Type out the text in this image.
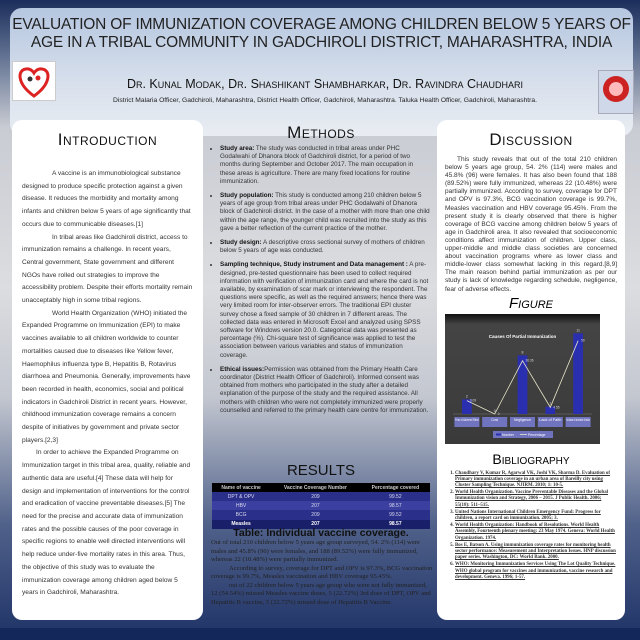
EVALUATION OF IMMUNIZATION COVERAGE AMONG CHILDREN BELOW 5 YEARS OF AGE IN A TRIBAL COMMUNITY IN GADCHIROLI DISTRICT, MAHARASHTRA, INDIA
Dr. Kunal Modak, Dr. Shashikant Shambharkar, Dr. Ravindra Chaudhari
District Malaria Officer, Gadchiroli, Maharashtra, District Health Officer, Gadchiroli, Maharashtra. Taluka Health Officer, Gadchiroli, Maharashtra.
Introduction

A vaccine is an immunobiological substance designed to produce specific protection against a given disease. It reduces the morbidity and mortality among infants and children below 5 years of age significantly that occurs due to communicable diseases.[1]

In tribal areas like Gadchiroli district, access to immunization remains a challenge. In recent years, Central government, State government and different NGOs have rolled out strategies to improve the accessibility problem. Despite their efforts mortality remain unacceptably high in some tribal regions.

World Health Organization (WHO) initiated the Expanded Programme on Immunization (EPI) to make vaccines available to all children worldwide to counter mortalities caused due to diseases like Yellow fever, Haemophilus influenza type B, Hepatitis B, Rotavirus diarrhoea and Pneumonia. Generally, improvements have been recorded in health, economics, social and political indicators in Gadchiroli District in recent years. However, childhood immunization coverage remains a concern despite of initiatives by government and private sector players.[2,3]

In order to achieve the Expanded Programme on Immunization target in this tribal area, quality, reliable and authentic data are useful.[4] These data will help for design and implementation of interventions for the control and eradication of vaccine preventable diseases.[5] The need for the precise and accurate data of immunization rates and the possible causes of the poor coverage in specific regions to enable well directed interventions will help reduce under-five mortality rates in this area. Thus, the objective of this study was to evaluate the immunization coverage among children aged below 5 years in Gadchiroli, Maharashtra.

Methods
• Study area: The study was conducted in tribal areas under PHC Godalwahi of Dhanora block of Gadchiroli district, for a period of two months during September and October 2017. The main occupation in these areas is agriculture. There are many fixed locations for routine immunization.
• Study population: This study is conducted among 210 children below 5 years of age group from tribal areas under PHC Godalwahi of Dhanora block of Gadchiroli district. In the case of a mother with more than one child within the age range, the younger child was recruited into the study as this gave a better reflection of the current practice of the mother.
• Study design: A descriptive cross sectional survey of mothers of children below 5 years of age was conducted.
• Sampling technique, Study instrument and Data management : A pre-designed, pre-tested questionnaire has been used to collect required information with verification of immunization card and where the card is not available, by examination of scar mark or interviewing the respondent. The questions were specific, as well as the required answers; hence there was very limited room for inter-observer errors. The traditional EPI cluster survey chose a fixed sample of 30 children in 7 different areas. The collected data was entered in Microsoft Excel and analyzed using SPSS software for Windows version 20.0. Categorical data was presented as percentage (%). Chi-square test of significance was applied to test the association between various variables and status of immunization coverage.
• Ethical issues:Permission was obtained from the Primary Health Care coordinator (District Health Officer of Gadchiroli). Informed consent was obtained from mothers who participated in the study after a detailed explanation of the purpose of the study and the required assistance. All mothers with children who were not completely immunized were properly counselled and referred to the primary health care centre for immunization.
RESULTS
Name of vaccine	Vaccine Coverage Number	Percentage covered
DPT & OPV	209	99.52
HBV	207	98.57
BCG	209	99.52
Measles	207	98.57
Table: Individual vaccine coverage.

Out of total 210 children below 5 years age group surveyed, 54. 2% (114) were males and 45.8% (96) were females, and 188 (89.52%) were fully immunized, whereas 22 (10.48%) were partially immunized.

According to survey, coverage for DPT and OPV is 97.3%, BCG vaccination coverage is 99.7%, Measles vaccination and HBV coverage 95.45%.

out of 22 children below 5 years age group who were not fully immunized, 12 (54.54%) missed Measles vaccine doses, 5 (22.72%) 3rd dose of DPT, OPV and Hepatitis B vaccine, 5 (22.72%) missed dose of Hepatitis B Vaccine.

Discussion
This study reveals that out of the total 210 children below 5 years age group, 54. 2% (114) were males and 45.8% (96) were females. It has also been found that 188 (89.52%) were fully immunized, whereas 22 (10.48%) were partially immunized. According to survey, coverage for DPT and OPV is 97.3%, BCG vaccination coverage is 99.7%, Measles vaccination and HBV coverage 95.45%. From the present study it is clearly observed that there is higher coverage of BCG vaccine among children below 5 years of age in Gadchiroli area. It also revealed that socioeconomic conditions affect immunization of children. Upper class, upper-middle and middle class societies are concerned about vaccination programs where as lower class and middle-lower class somewhat lacking in this regard.[8,9] The main reason behind partial immunization as per our study is lack of knowledge regarding schedule, negligence, fear of adverse effects.
Figure
Causes Of Partial Immunization
2
9.09
Fear of Adverse Effect
0
0
Cost
8
36.36
Negligence
1
4.55
Lack of Faith
11
50
Not Aware of Vaccination Schedule
Number	Percentage
Bibliography
1. Chaudhary V, Kumar R, Agarwal VK, Joshi VK, Sharma D. Evaluation of Primary immunization coverage in an urban area of Bareilly city using Cluster Sampling Technique. NJIRM. 2010; 1: 10-5.
2. World Health Organization. Vaccine Preventable Diseases and the Global Immunization vision and Strategy, 2006 – 2015. J Public Health. 2006; 55(18): 511–515.
3. United Nations International Children Emergency Fund: Progress for children, a report card on immunization. 2005; 3.
4. World Health Organization: Handbook of Resolutions. World Health Assembly, Fourteenth plenary meeting: 23 May 1974. Geneva: World Health Organization. 1974.
5. Bos E, Batson A. Using immunization coverage rates for monitoring health sector performance: Measurement and Interpretation Issues. HNP discussion paper series. Washington, DC: World Bank. 2000.
6. WHO: Monitoring Immunization Services Using The Lot Quality Technique. WHO global program for vaccines and immunization, vaccine research and development. Geneva. 1996; 1-57.
